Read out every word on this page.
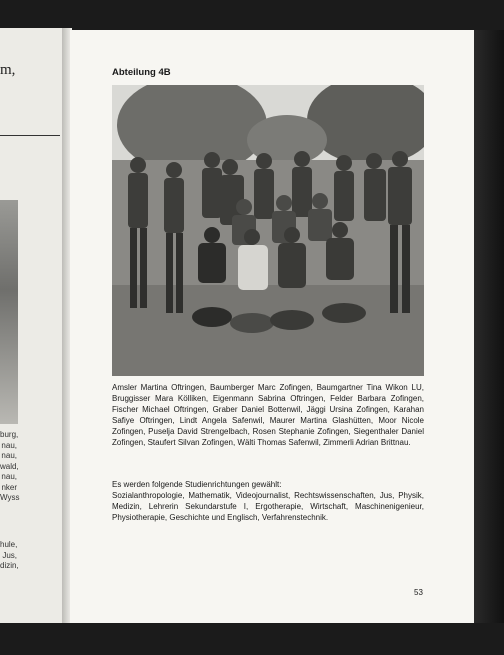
m,
burg,
nau,
nau,
wald,
nau,
nker
Wyss
hule,
Jus,
dizin,
Abteilung 4B
Amsler Martina Oftringen, Baumberger Marc Zofingen, Baumgartner Tina Wikon LU, Bruggisser Mara Kölliken, Eigenmann Sabrina Oftringen, Felder Barbara Zofingen, Fischer Michael Oftringen, Graber Daniel Bottenwil, Jäggi Ursina Zofingen, Karahan Safiye Oftringen, Lindt Angela Safenwil, Maurer Martina Glashütten, Moor Nicole Zofingen, Puselja David Strengelbach, Rosen Stephanie Zofingen, Siegenthaler Daniel Zofingen, Staufert Silvan Zofingen, Wälti Thomas Safenwil, Zimmerli Adrian Brittnau.
Es werden folgende Studienrichtungen gewählt:
Sozialanthropologie, Mathematik, Videojournalist, Rechtswissenschaften, Jus, Physik, Medizin, Lehrerin Sekundarstufe I, Ergotherapie, Wirtschaft, Maschinenigenieur, Physiotherapie, Geschichte und Englisch, Verfahrenstechnik.
53
